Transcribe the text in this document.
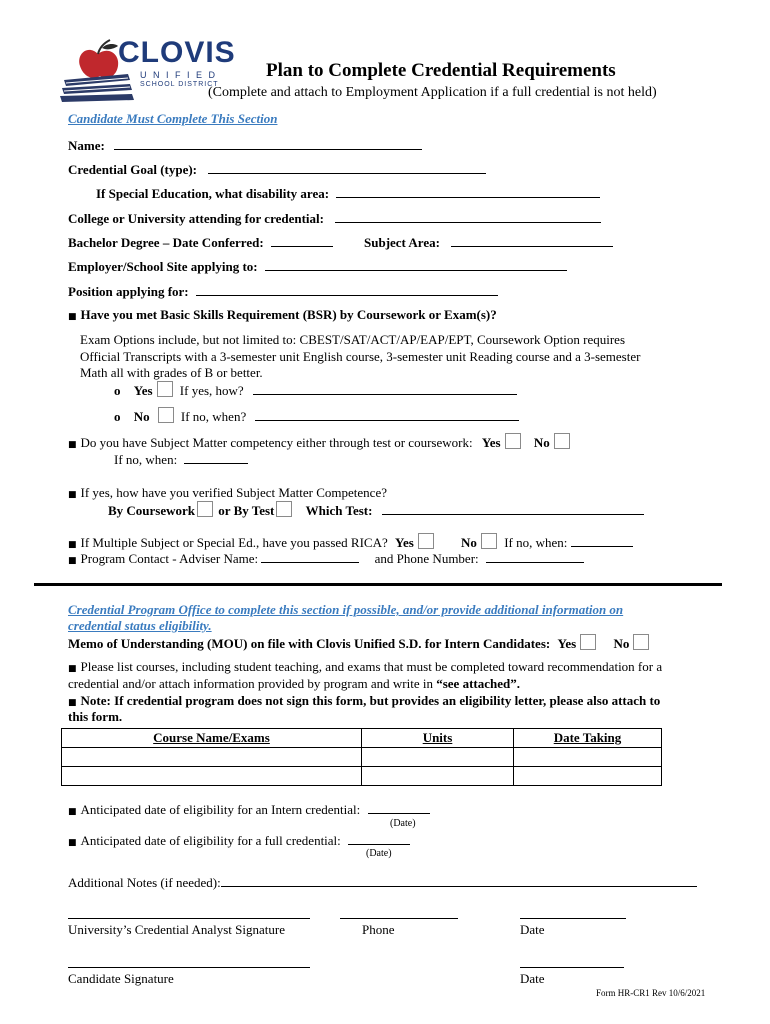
CLOVIS
U N I F I E D
SCHOOL DISTRICT
Plan to Complete Credential Requirements
(Complete and attach to Employment Application if a full credential is not held)
Candidate Must Complete This Section
Name:
Credential Goal (type):
If Special Education, what disability area:
College or University attending for credential:
Bachelor Degree – Date Conferred:	Subject Area:
Employer/School Site applying to:
Position applying for:
■ Have you met Basic Skills Requirement (BSR) by Coursework or Exam(s)?
Exam Options include, but not limited to: CBEST/SAT/ACT/AP/EAP/EPT, Coursework Option requires
Official Transcripts with a 3-semester unit English course, 3-semester unit Reading course and a 3-semester
Math all with grades of B or better.
o Yes If yes, how?
o No If no, when?
■ Do you have Subject Matter competency either through test or coursework: Yes	No
If no, when:
■ If yes, how have you verified Subject Matter Competence?
By Coursework or By Test Which Test:
■ If Multiple Subject or Special Ed., have you passed RICA? Yes	No If no, when:
■ Program Contact - Adviser Name:	and Phone Number:
Credential Program Office to complete this section if possible, and/or provide additional information on
credential status eligibility.
Memo of Understanding (MOU) on file with Clovis Unified S.D. for Intern Candidates: Yes	No
■ Please list courses, including student teaching, and exams that must be completed toward recommendation for a
credential and/or attach information provided by program and write in “see attached”.
■ Note: If credential program does not sign this form, but provides an eligibility letter, please also attach to
this form.
Course Name/Exams	Units	Date Taking

■ Anticipated date of eligibility for an Intern credential:
(Date)
■ Anticipated date of eligibility for a full credential:
(Date)
Additional Notes (if needed):
University’s Credential Analyst Signature	Phone	Date
Candidate Signature	Date
Form HR-CR1 Rev 10/6/2021
